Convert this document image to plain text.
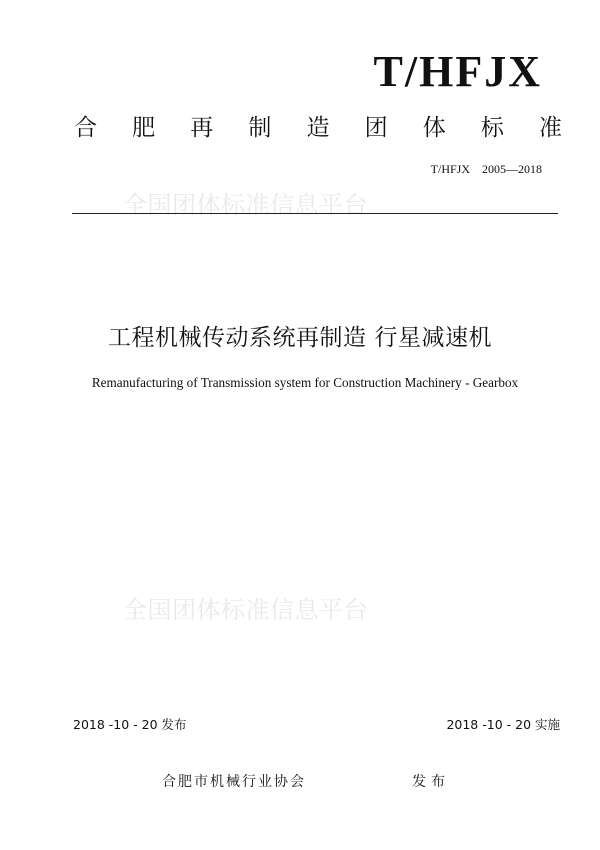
T/HFJX
合 肥 再 制 造 团 体 标 准
T/HFJX 2005—2018
全国团体标准信息平台
工程机械传动系统再制造 行星减速机
Remanufacturing of Transmission system for Construction Machinery - Gearbox
全国团体标准信息平台
2018 -10 - 20 发布	2018 -10 - 20 实施
合肥市机械行业协会	发布
